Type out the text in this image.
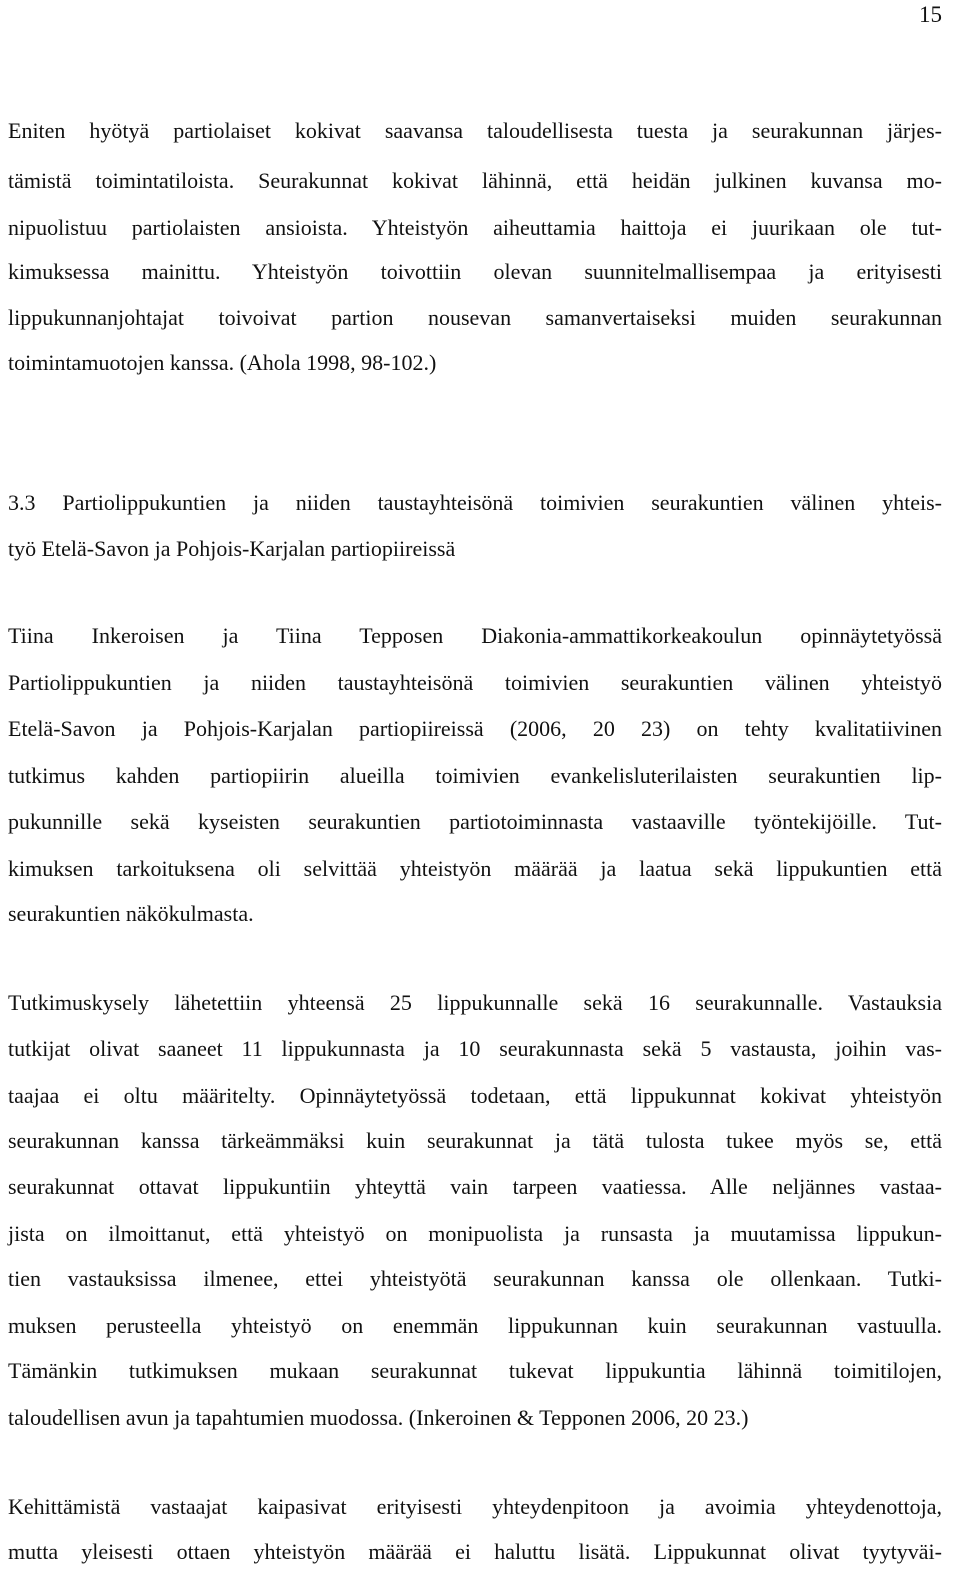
15
Eniten hyötyä partiolaiset kokivat saavansa taloudellisesta tuesta ja seurakunnan järjes-
tämistä toimintatiloista. Seurakunnat kokivat lähinnä, että heidän julkinen kuvansa mo-
nipuolistuu partiolaisten ansioista. Yhteistyön aiheuttamia haittoja ei juurikaan ole tut-
kimuksessa mainittu. Yhteistyön toivottiin olevan suunnitelmallisempaa ja erityisesti
lippukunnanjohtajat toivoivat partion nousevan samanvertaiseksi muiden seurakunnan
toimintamuotojen kanssa. (Ahola 1998, 98-102.)
3.3 Partiolippukuntien ja niiden taustayhteisönä toimivien seurakuntien välinen yhteis-
työ Etelä-Savon ja Pohjois-Karjalan partiopiireissä
Tiina Inkeroisen ja Tiina Tepposen Diakonia-ammattikorkeakoulun opinnäytetyössä
Partiolippukuntien ja niiden taustayhteisönä toimivien seurakuntien välinen yhteistyö
Etelä-Savon ja Pohjois-Karjalan partiopiireissä (2006, 20 23) on tehty kvalitatiivinen
tutkimus kahden partiopiirin alueilla toimivien evankelisluterilaisten seurakuntien lip-
pukunnille sekä kyseisten seurakuntien partiotoiminnasta vastaaville työntekijöille. Tut-
kimuksen tarkoituksena oli selvittää yhteistyön määrää ja laatua sekä lippukuntien että
seurakuntien näkökulmasta.
Tutkimuskysely lähetettiin yhteensä 25 lippukunnalle sekä 16 seurakunnalle. Vastauksia
tutkijat olivat saaneet 11 lippukunnasta ja 10 seurakunnasta sekä 5 vastausta, joihin vas-
taajaa ei oltu määritelty. Opinnäytetyössä todetaan, että lippukunnat kokivat yhteistyön
seurakunnan kanssa tärkeämmäksi kuin seurakunnat ja tätä tulosta tukee myös se, että
seurakunnat ottavat lippukuntiin yhteyttä vain tarpeen vaatiessa. Alle neljännes vastaa-
jista on ilmoittanut, että yhteistyö on monipuolista ja runsasta ja muutamissa lippukun-
tien vastauksissa ilmenee, ettei yhteistyötä seurakunnan kanssa ole ollenkaan. Tutki-
muksen perusteella yhteistyö on enemmän lippukunnan kuin seurakunnan vastuulla.
Tämänkin tutkimuksen mukaan seurakunnat tukevat lippukuntia lähinnä toimitilojen,
taloudellisen avun ja tapahtumien muodossa. (Inkeroinen & Tepponen 2006, 20 23.)
Kehittämistä vastaajat kaipasivat erityisesti yhteydenpitoon ja avoimia yhteydenottoja,
mutta yleisesti ottaen yhteistyön määrää ei haluttu lisätä. Lippukunnat olivat tyytyväi-
